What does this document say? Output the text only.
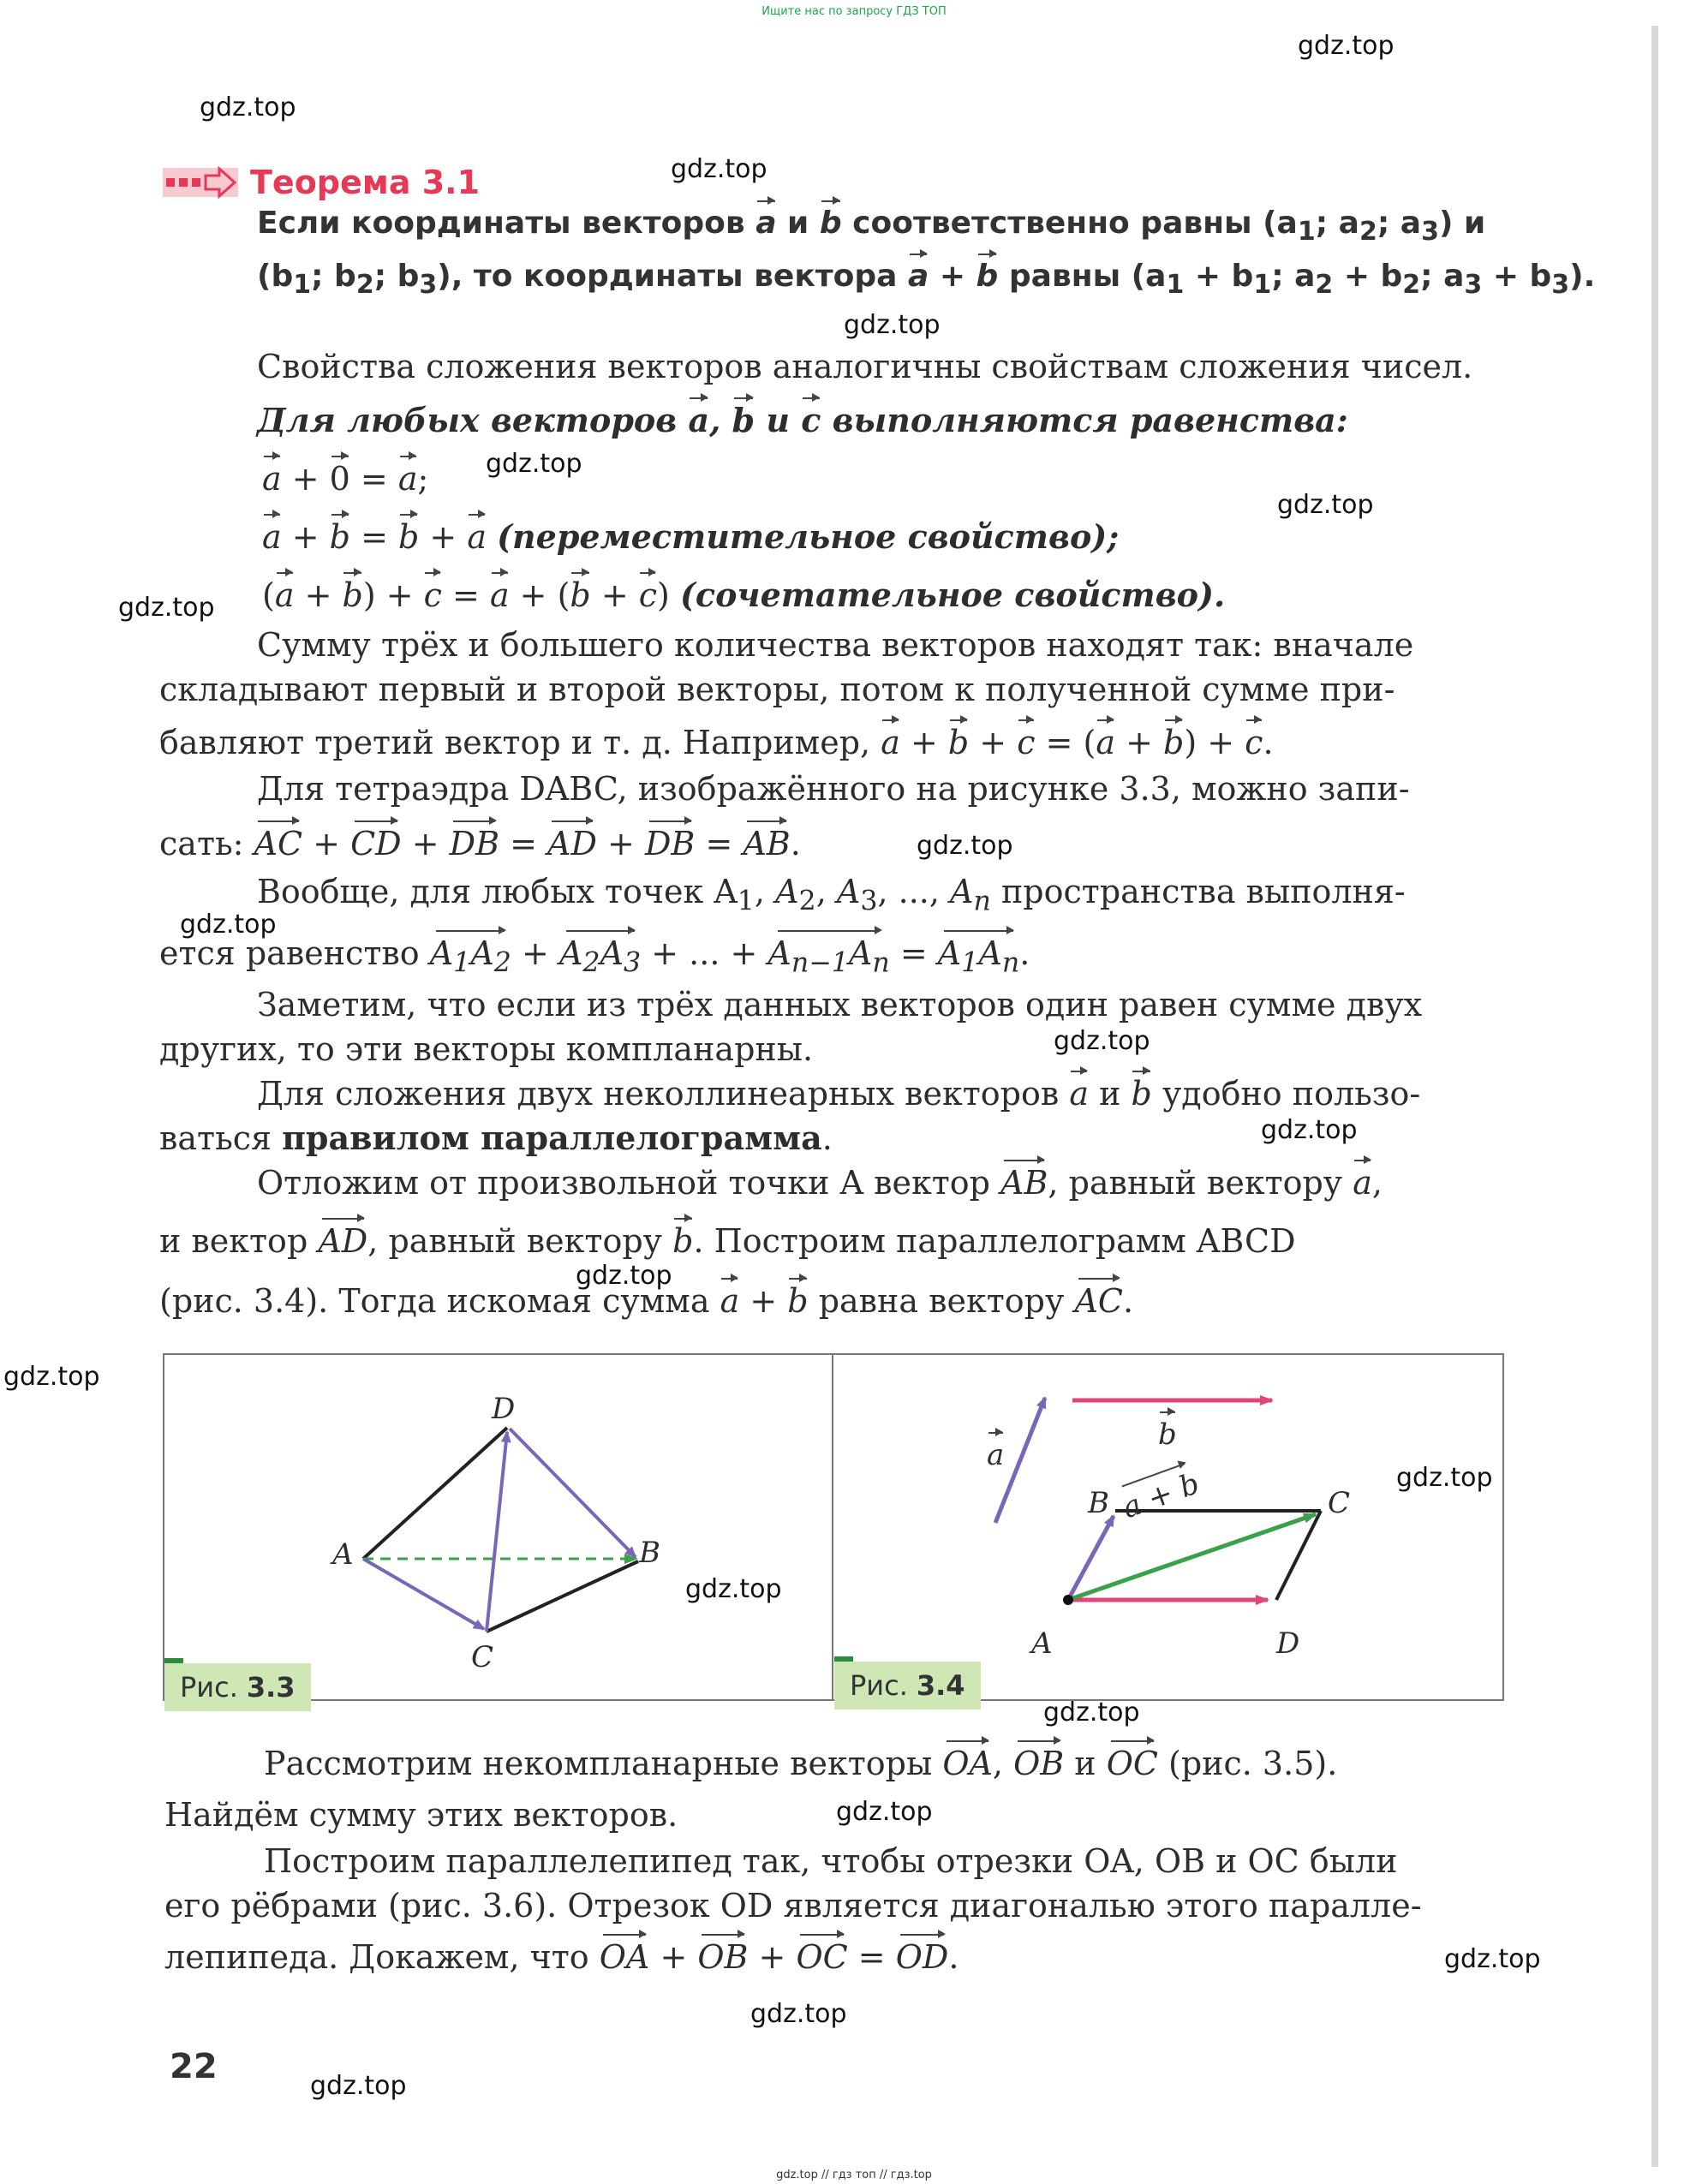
Ищите нас по запросу ГДЗ ТОП
gdz.top
gdz.top
gdz.top
gdz.top
gdz.top
gdz.top
gdz.top
gdz.top
gdz.top
gdz.top
gdz.top
gdz.top
gdz.top
gdz.top
gdz.top
gdz.top
gdz.top
gdz.top
gdz.top
gdz.top
Теорема 3.1
Если координаты векторов a и b соответственно равны ($a_1$; $a_2$; $a_3$) и
($b_1$; $b_2$; $b_3$), то координаты вектора a + b равны ($a_1 + b_1$; $a_2 + b_2$; $a_3 + b_3$).
Свойства сложения векторов аналогичны свойствам сложения чисел.
Для любых векторов a, b и c выполняются равенства:
a + 0 = a;
a + b = b + a (переместительное свойство);
(a + b) + c = a + (b + c) (сочетательное свойство).
Сумму трёх и большего количества векторов находят так: вначале
складывают первый и второй векторы, потом к полученной сумме при-
бавляют третий вектор и т. д. Например, a + b + c = (a + b) + c.
Для тетраэдра DABC, изображённого на рисунке 3.3, можно запи-
сать: AC + CD + DB = AD + DB = AB.
Вообще, для любых точек $A_1$, $A_2$, $A_3$, ..., $A_n$ пространства выполня-
ется равенство $A_1A_2 + A_2A_3$ + ... + $A_{n-1}A_n = A_1A_n$.
Заметим, что если из трёх данных векторов один равен сумме двух
других, то эти векторы компланарны.
Для сложения двух неколлинеарных векторов a и b удобно пользо-
ваться правилом параллелограмма.
Отложим от произвольной точки A вектор AB, равный вектору a,
и вектор AD, равный вектору b. Построим параллелограмм ABCD
(рис. 3.4). Тогда искомая сумма a + b равна вектору AC.
D
A	B
C
a
b
a + b
B	C
A	D
Рис. 3.3	Рис. 3.4
Рассмотрим некомпланарные векторы OA, OB и OC (рис. 3.5).
Найдём сумму этих векторов.
Построим параллелепипед так, чтобы отрезки OA, OB и OC были
его рёбрами (рис. 3.6). Отрезок OD является диагональю этого паралле-
лепипеда. Докажем, что OA + OB + OC = OD.
22
gdz.top // гдз топ // гдз.top
